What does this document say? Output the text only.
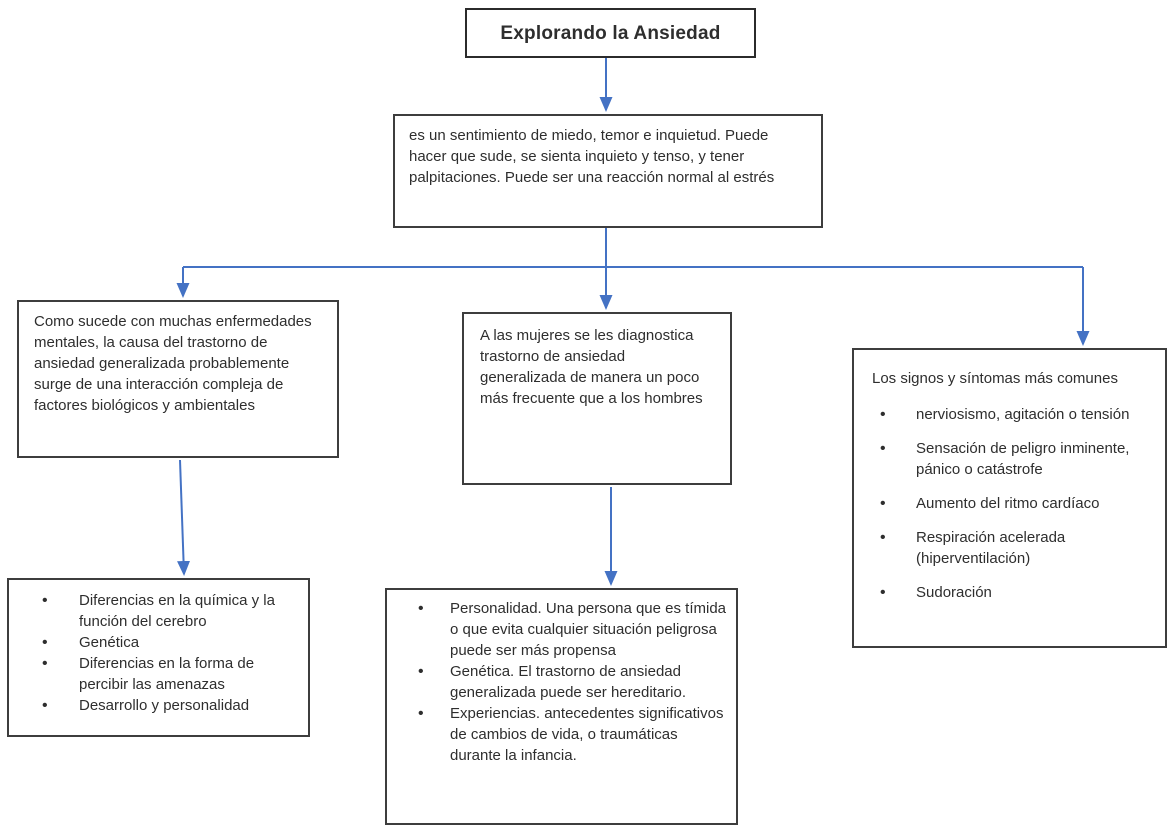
Explorando la Ansiedad
es un sentimiento de miedo, temor e inquietud. Puede hacer que sude, se sienta inquieto y tenso, y tener palpitaciones. Puede ser una reacción normal al estrés
Como sucede con muchas enfermedades mentales, la causa del trastorno de ansiedad generalizada probablemente surge de una interacción compleja de factores biológicos y ambientales
A las mujeres se les diagnostica trastorno de ansiedad generalizada de manera un poco más frecuente que a los hombres
Los signos y síntomas más comunes
• nerviosismo, agitación o tensión
• Sensación de peligro inminente, pánico o catástrofe
• Aumento del ritmo cardíaco
• Respiración acelerada (hiperventilación)
• Sudoración
• Diferencias en la química y la función del cerebro
• Genética
• Diferencias en la forma de percibir las amenazas
• Desarrollo y personalidad
• Personalidad. Una persona que es tímida o que evita cualquier situación peligrosa puede ser más propensa
• Genética. El trastorno de ansiedad generalizada puede ser hereditario.
• Experiencias. antecedentes significativos de cambios de vida, o traumáticas durante la infancia.
